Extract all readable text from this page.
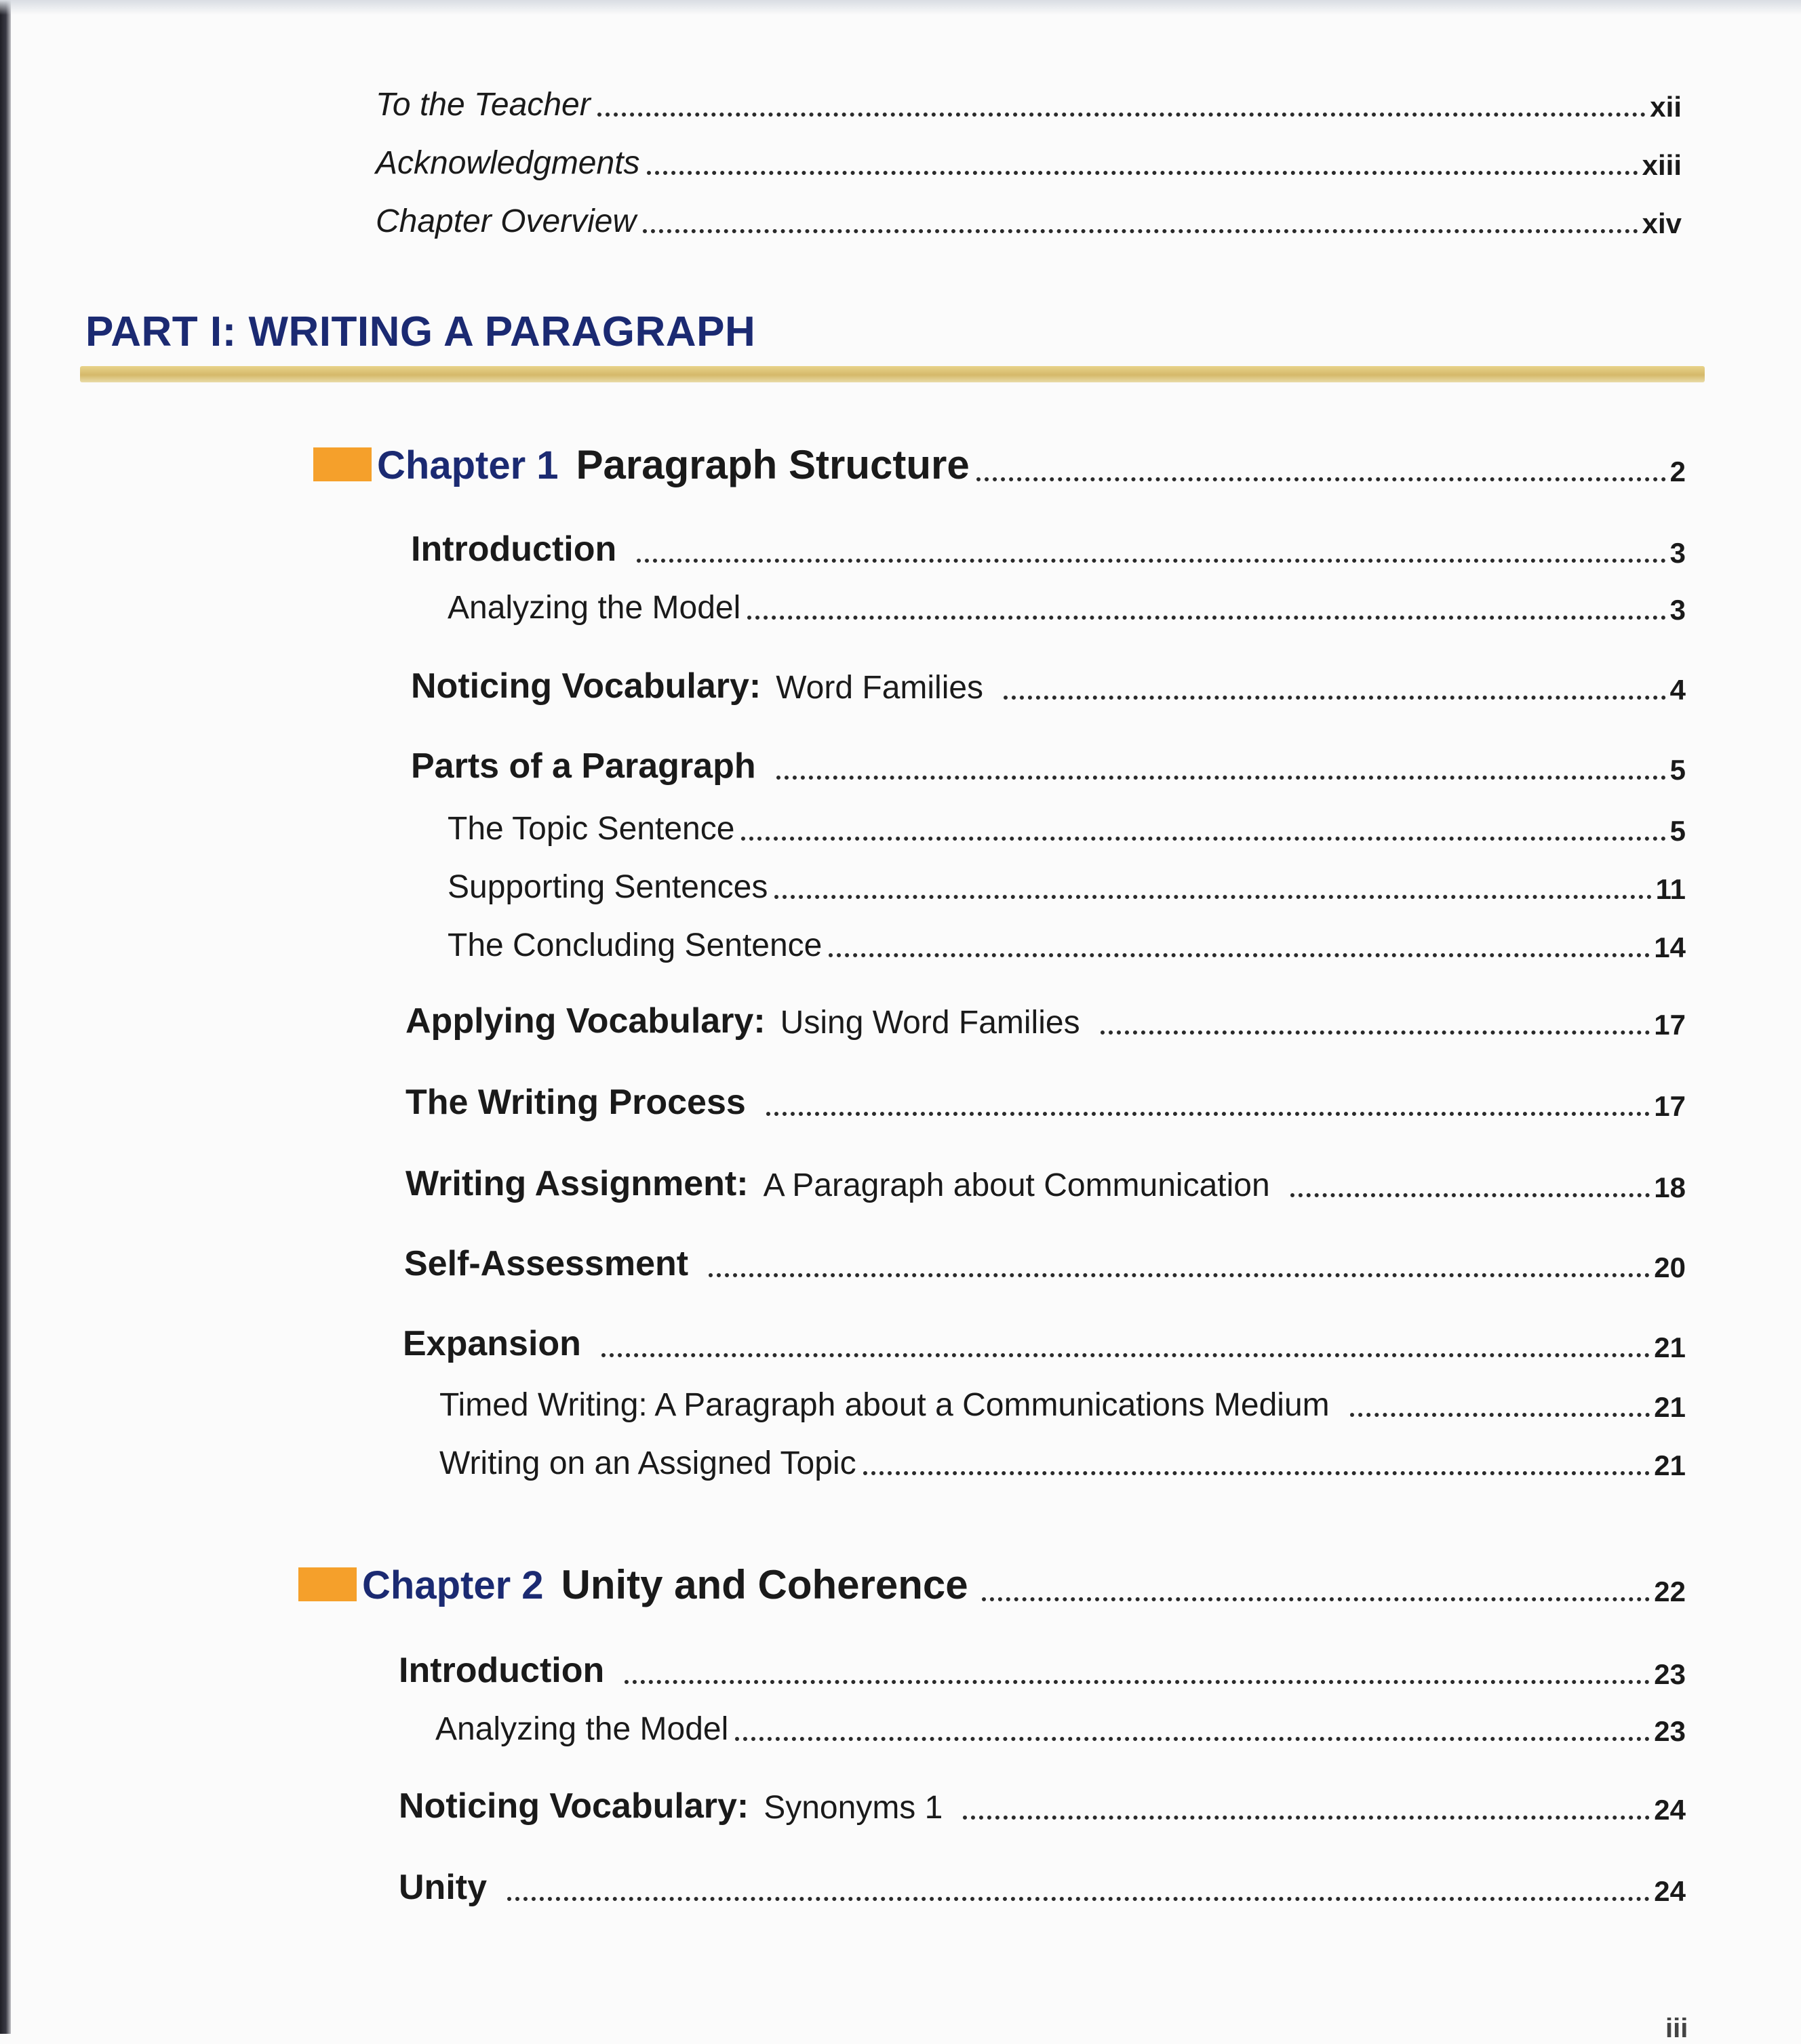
To the Teacher	xii
Acknowledgments	xiii
Chapter Overview	xiv
PART I: WRITING A PARAGRAPH
Chapter 1 Paragraph Structure	2
Introduction	3
Analyzing the Model	3
Noticing Vocabulary: Word Families	4
Parts of a Paragraph	5
The Topic Sentence	5
Supporting Sentences	11
The Concluding Sentence	14
Applying Vocabulary: Using Word Families	17
The Writing Process	17
Writing Assignment: A Paragraph about Communication	18
Self-Assessment	20
Expansion	21
Timed Writing: A Paragraph about a Communications Medium	21
Writing on an Assigned Topic	21
Chapter 2 Unity and Coherence	22
Introduction	23
Analyzing the Model	23
Noticing Vocabulary: Synonyms 1	24
Unity	24
iii
